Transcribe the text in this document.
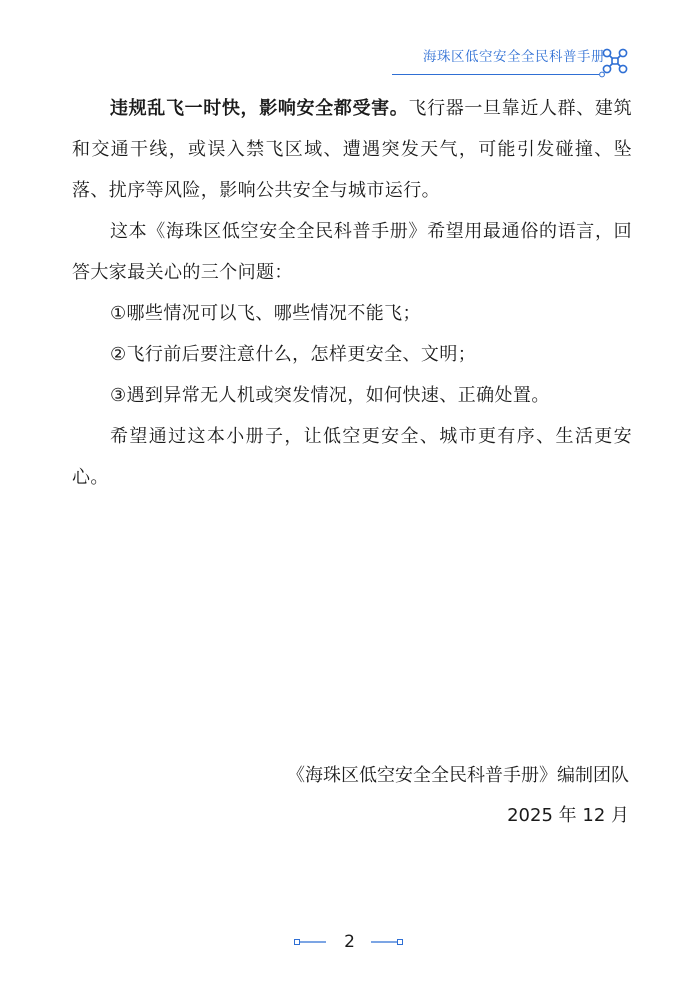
海珠区低空安全全民科普手册

违规乱飞一时快，影响安全都受害。飞行器一旦靠近人群、建筑和交通干线，或误入禁飞区域、遭遇突发天气，可能引发碰撞、坠落、扰序等风险，影响公共安全与城市运行。

这本《海珠区低空安全全民科普手册》希望用最通俗的语言，回答大家最关心的三个问题：

①哪些情况可以飞、哪些情况不能飞；

②飞行前后要注意什么，怎样更安全、文明；

③遇到异常无人机或突发情况，如何快速、正确处置。

希望通过这本小册子，让低空更安全、城市更有序、生活更安心。

《海珠区低空安全全民科普手册》编制团队
2025 年 12 月
2
